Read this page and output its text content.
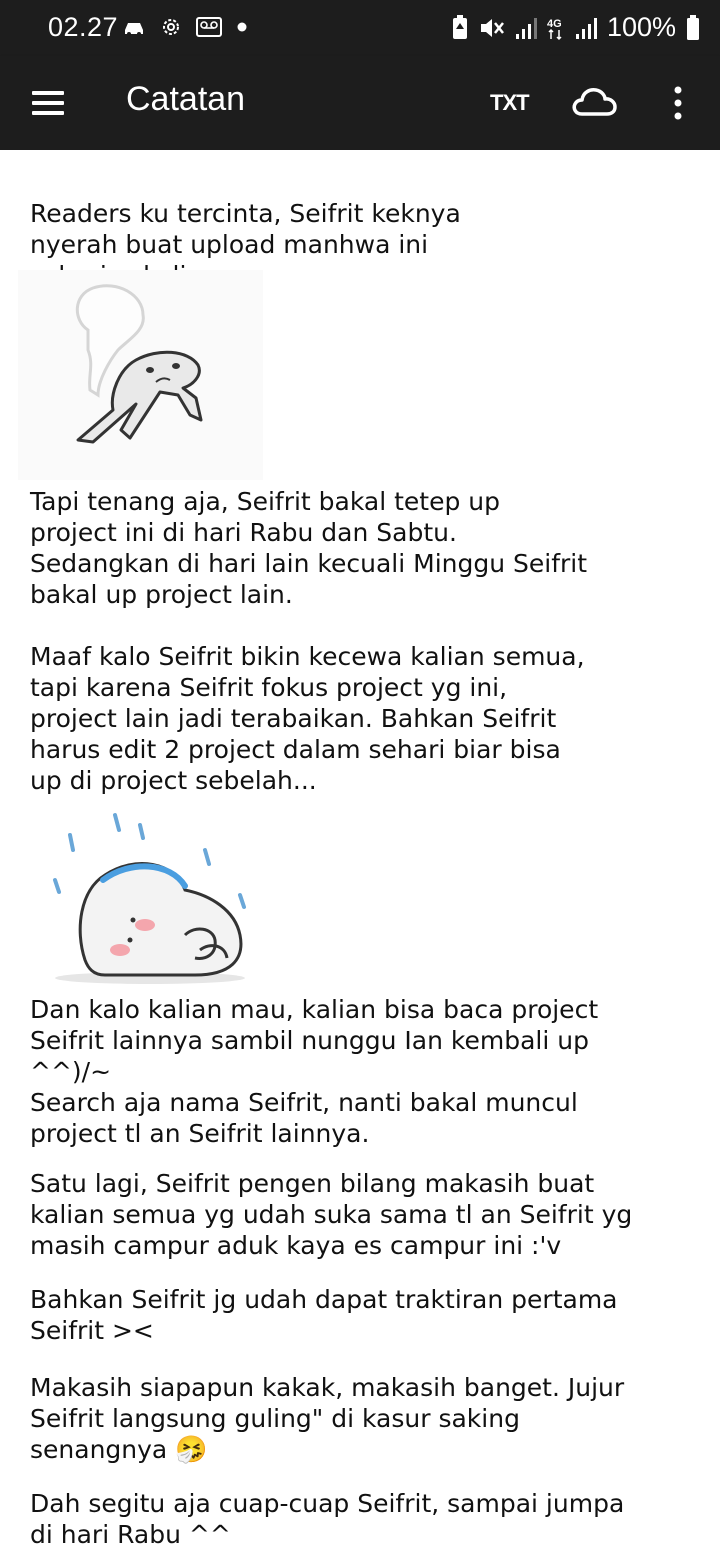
02.27	4G 100%
Catatan	TXT

Readers ku tercinta, Seifrit keknya
nyerah buat upload manhwa ini

Tapi tenang aja, Seifrit bakal tetep up
project ini di hari Rabu dan Sabtu.
Sedangkan di hari lain kecuali Minggu Seifrit
bakal up project lain.

Maaf kalo Seifrit bikin kecewa kalian semua,
tapi karena Seifrit fokus project yg ini,
project lain jadi terabaikan. Bahkan Seifrit
harus edit 2 project dalam sehari biar bisa
up di project sebelah...

Dan kalo kalian mau, kalian bisa baca project
Seifrit lainnya sambil nunggu Ian kembali up
^^)/~
Search aja nama Seifrit, nanti bakal muncul
project tl an Seifrit lainnya.

Satu lagi, Seifrit pengen bilang makasih buat
kalian semua yg udah suka sama tl an Seifrit yg
masih campur aduk kaya es campur ini :'v

Bahkan Seifrit jg udah dapat traktiran pertama
Seifrit ><

Makasih siapapun kakak, makasih banget. Jujur
Seifrit langsung guling" di kasur saking
senangnya 🤧

Dah segitu aja cuap-cuap Seifrit, sampai jumpa
di hari Rabu ^^
